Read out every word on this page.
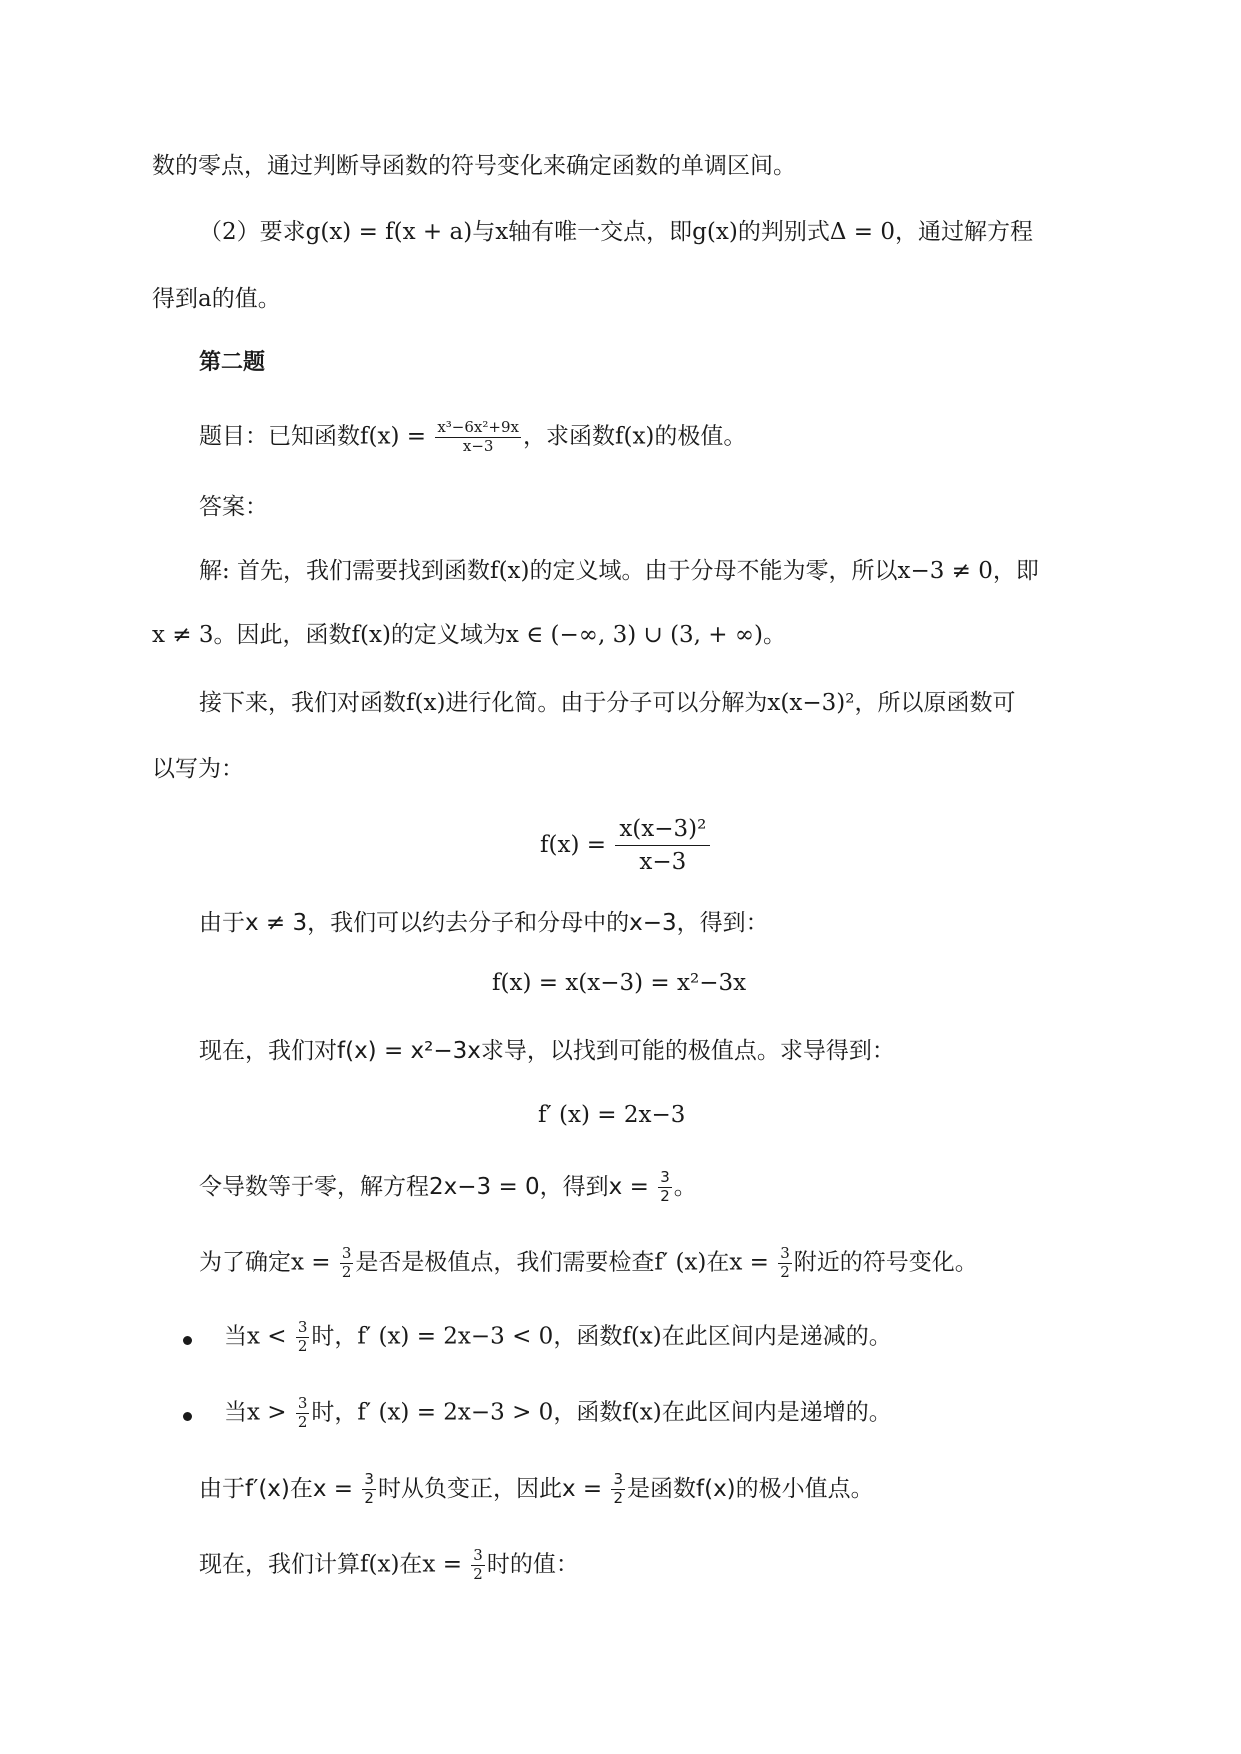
数的零点，通过判断导函数的符号变化来确定函数的单调区间。
（2）要求g(x) = f(x + a)与x轴有唯一交点，即g(x)的判别式Δ = 0，通过解方程
得到a的值。
第二题
题目：已知函数$f(x) = \frac{\text{x³−6x²+9x}}{x-3}$ ，求函数f(x)的极值。
答案：
解: 首先，我们需要找到函数f(x)的定义域。由于分母不能为零，所以x−3 ≠ 0，即
x ≠ 3。因此，函数f(x)的定义域为x ∈ (−∞, 3) ∪ (3, + ∞)。
接下来，我们对函数f(x)进行化简。由于分子可以分解为x(x−3)²，所以原函数可
以写为：
$f(x) = \frac{\text{x(x−3)²}}{x-3}$
由于x ≠ 3，我们可以约去分子和分母中的x−3，得到：
f(x) = x(x−3) = x²−3x
现在，我们对f(x) = x²−3x求导，以找到可能的极值点。求导得到：
f′ (x) = 2x−3
令导数等于零，解方程2x−3 = 0，得到$x = \frac{3}{2}$ 。
为了确定$x = \frac{3}{2}$ 是否是极值点，我们需要检查f′ (x)在$x = \frac{3}{2}$ 附近的符号变化。
当$x < \frac{3}{2}$ 时，f′ (x) = 2x−3 < 0，函数f(x)在此区间内是递减的。
当$x > \frac{3}{2}$ 时，f′ (x) = 2x−3 > 0，函数f(x)在此区间内是递增的。
由于f′(x)在$x = \frac{3}{2}$ 时从负变正，因此$x = \frac{3}{2}$ 是函数f(x)的极小值点。
现在，我们计算f(x)在$x = \frac{3}{2}$ 时的值：
